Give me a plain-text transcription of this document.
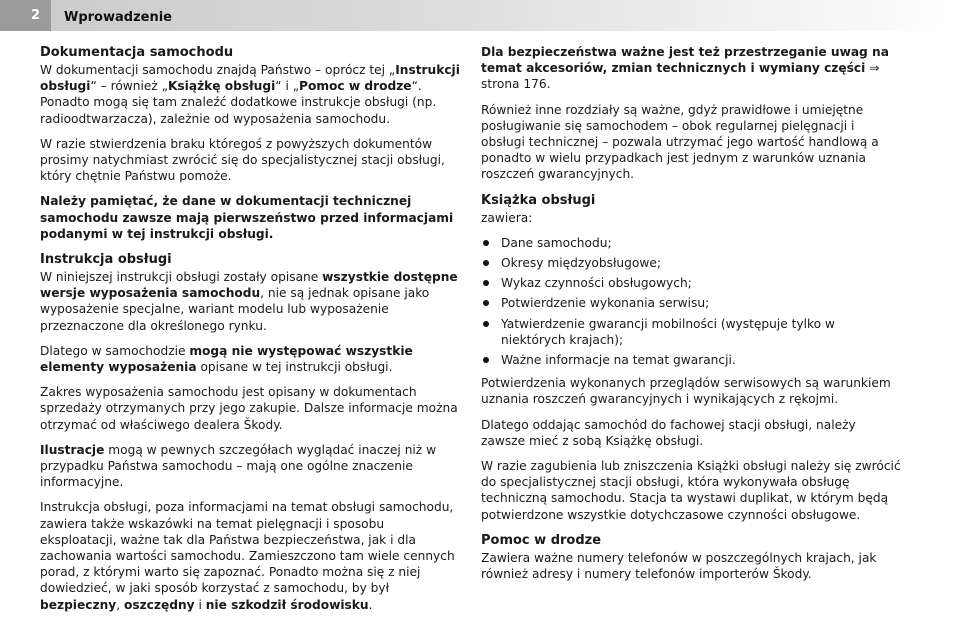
2	Wprowadzenie
Dokumentacja samochodu

W dokumentacji samochodu znajdą Państwo – oprócz tej „Instrukcji obsługi“ – również „Książkę obsługi“ i „Pomoc w drodze“. Ponadto mogą się tam znaleźć dodatkowe instrukcje obsługi (np. radioodtwarzacza), zależnie od wyposażenia samochodu.

W razie stwierdzenia braku któregoś z powyższych dokumentów prosimy natychmiast zwrócić się do specjalistycznej stacji obsługi, który chętnie Państwu pomoże.

Należy pamiętać, że dane w dokumentacji technicznej samochodu zawsze mają pierwszeństwo przed informacjami podanymi w tej instrukcji obsługi.

Instrukcja obsługi

W niniejszej instrukcji obsługi zostały opisane wszystkie dostępne wersje wyposażenia samochodu, nie są jednak opisane jako wyposażenie specjalne, wariant modelu lub wyposażenie przeznaczone dla określonego rynku.

Dlatego w samochodzie mogą nie występować wszystkie elementy wyposażenia opisane w tej instrukcji obsługi.

Zakres wyposażenia samochodu jest opisany w dokumentach sprzedaży otrzymanych przy jego zakupie. Dalsze informacje można otrzymać od właściwego dealera Škody.

Ilustracje mogą w pewnych szczegółach wyglądać inaczej niż w przypadku Państwa samochodu – mają one ogólne znaczenie informacyjne.

Instrukcja obsługi, poza informacjami na temat obsługi samochodu, zawiera także wskazówki na temat pielęgnacji i sposobu eksploatacji, ważne tak dla Państwa bezpieczeństwa, jak i dla zachowania wartości samochodu. Zamieszczono tam wiele cennych porad, z którymi warto się zapoznać. Ponadto można się z niej dowiedzieć, w jaki sposób korzystać z samochodu, by był bezpieczny, oszczędny i nie szkodził środowisku.

Dla bezpieczeństwa ważne jest też przestrzeganie uwag na temat akcesoriów, zmian technicznych i wymiany części ⇒ strona 176.

Również inne rozdziały są ważne, gdyż prawidłowe i umiejętne posługiwanie się samochodem – obok regularnej pielęgnacji i obsługi technicznej – pozwala utrzymać jego wartość handlową a ponadto w wielu przypadkach jest jednym z warunków uznania roszczeń gwarancyjnych.

Książka obsługi

zawiera:

Dane samochodu;
Okresy międzyobsługowe;
Wykaz czynności obsługowych;
Potwierdzenie wykonania serwisu;
Yatwierdzenie gwarancji mobilności (występuje tylko w niektórych krajach);
Ważne informacje na temat gwarancji.

Potwierdzenia wykonanych przeglądów serwisowych są warunkiem uznania roszczeń gwarancyjnych i wynikających z rękojmi.

Dlatego oddając samochód do fachowej stacji obsługi, należy zawsze mieć z sobą Książkę obsługi.

W razie zagubienia lub zniszczenia Książki obsługi należy się zwrócić do specjalistycznej stacji obsługi, która wykonywała obsługę techniczną samochodu. Stacja ta wystawi duplikat, w którym będą potwierdzone wszystkie dotychczasowe czynności obsługowe.

Pomoc w drodze

Zawiera ważne numery telefonów w poszczególnych krajach, jak również adresy i numery telefonów importerów Škody.
